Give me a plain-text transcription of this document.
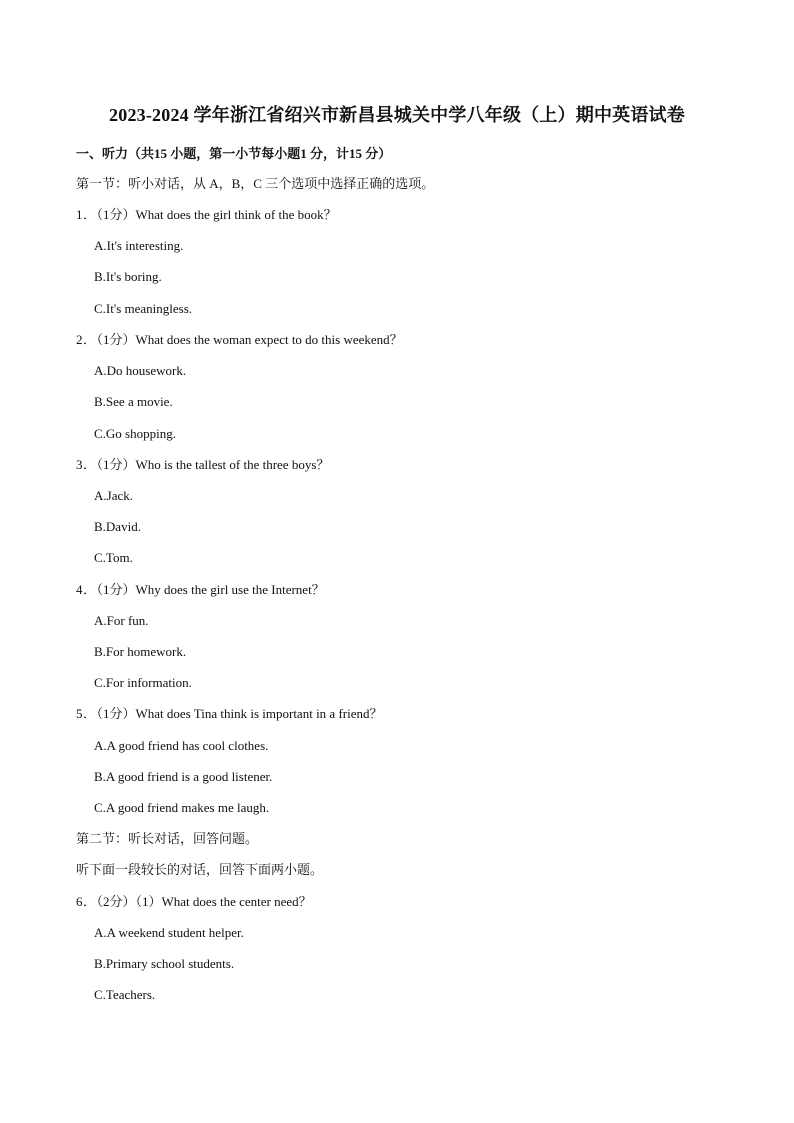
2023-2024 学年浙江省绍兴市新昌县城关中学八年级（上）期中英语试卷
一、听力（共15 小题，第一小节每小题1 分，计15 分）
第一节：听小对话，从 A，B，C 三个选项中选择正确的选项。
1．（1分）What does the girl think of the book？
A.It's interesting.
B.It's boring.
C.It's meaningless.
2．（1分）What does the woman expect to do this weekend？
A.Do housework.
B.See a movie.
C.Go shopping.
3．（1分）Who is the tallest of the three boys？
A.Jack.
B.David.
C.Tom.
4．（1分）Why does the girl use the Internet？
A.For fun.
B.For homework.
C.For information.
5．（1分）What does Tina think is important in a friend？
A.A good friend has cool clothes.
B.A good friend is a good listener.
C.A good friend makes me laugh.
第二节：听长对话，回答问题。
听下面一段较长的对话，回答下面两小题。
6．（2分）（1）What does the center need？
A.A weekend student helper.
B.Primary school students.
C.Teachers.
